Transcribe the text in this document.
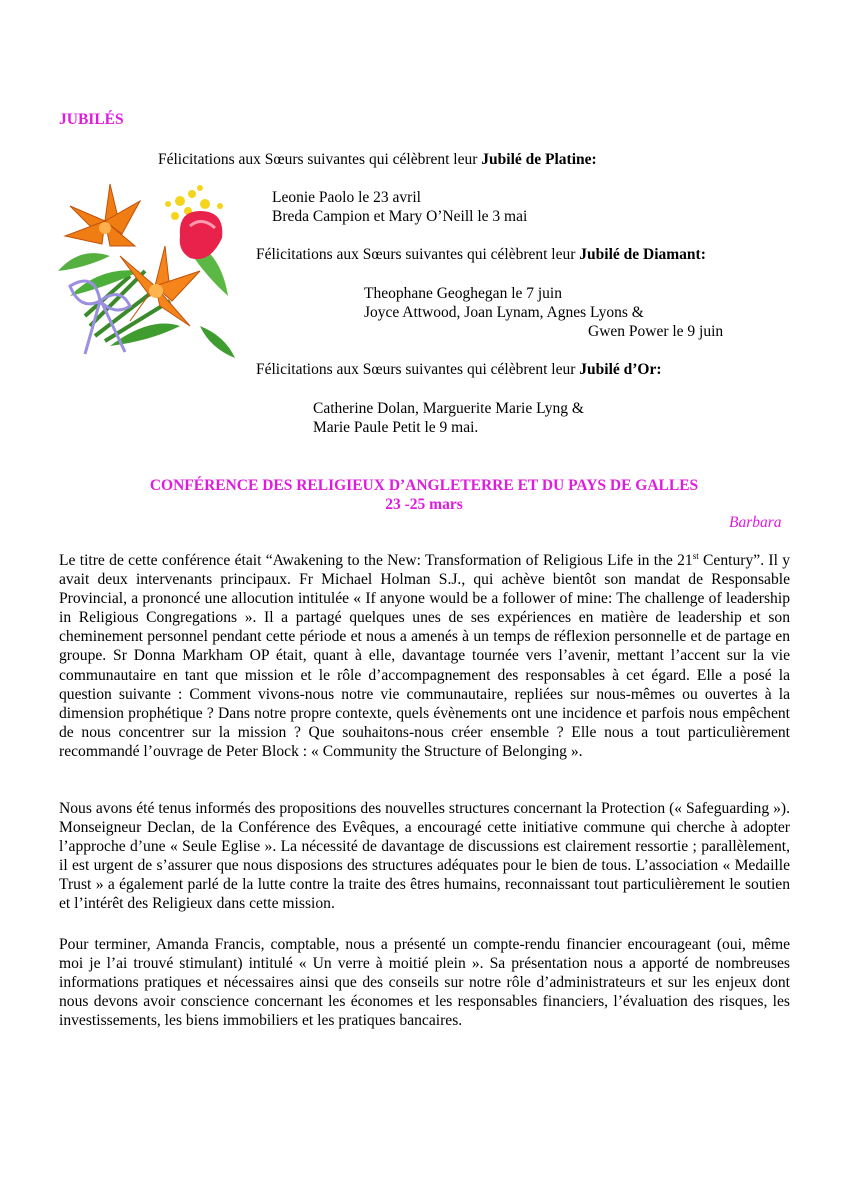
JUBILÉS
Félicitations aux Sœurs suivantes qui célèbrent leur Jubilé de Platine:
Leonie Paolo le 23 avril
Breda Campion et Mary O’Neill le 3 mai
Félicitations aux Sœurs suivantes qui célèbrent leur Jubilé de Diamant:
Theophane Geoghegan le 7 juin
Joyce Attwood, Joan Lynam, Agnes Lyons &
Gwen Power le 9 juin
Félicitations aux Sœurs suivantes qui célèbrent leur Jubilé d’Or:
Catherine Dolan, Marguerite Marie Lyng &
Marie Paule Petit le 9 mai.
CONFÉRENCE DES RELIGIEUX D’ANGLETERRE ET DU PAYS DE GALLES
23 -25 mars
Barbara

Le titre de cette conférence était “Awakening to the New: Transformation of Religious Life in the 21st Century”. Il y avait deux intervenants principaux. Fr Michael Holman S.J., qui achève bientôt son mandat de Responsable Provincial, a prononcé une allocution intitulée « If anyone would be a follower of mine: The challenge of leadership in Religious Congregations ». Il a partagé quelques unes de ses expériences en matière de leadership et son cheminement personnel pendant cette période et nous a amenés à un temps de réflexion personnelle et de partage en groupe. Sr Donna Markham OP était, quant à elle, davantage tournée vers l’avenir, mettant l’accent sur la vie communautaire en tant que mission et le rôle d’accompagnement des responsables à cet égard. Elle a posé la question suivante : Comment vivons-nous notre vie communautaire, repliées sur nous-mêmes ou ouvertes à la dimension prophétique ? Dans notre propre contexte, quels évènements ont une incidence et parfois nous empêchent de nous concentrer sur la mission ? Que souhaitons-nous créer ensemble ? Elle nous a tout particulièrement recommandé l’ouvrage de Peter Block : « Community the Structure of Belonging ».

Nous avons été tenus informés des propositions des nouvelles structures concernant la Protection (« Safeguarding »). Monseigneur Declan, de la Conférence des Evêques, a encouragé cette initiative commune qui cherche à adopter l’approche d’une « Seule Eglise ». La nécessité de davantage de discussions est clairement ressortie ; parallèlement, il est urgent de s’assurer que nous disposions des structures adéquates pour le bien de tous. L’association « Medaille Trust » a également parlé de la lutte contre la traite des êtres humains, reconnaissant tout particulièrement le soutien et l’intérêt des Religieux dans cette mission.

Pour terminer, Amanda Francis, comptable, nous a présenté un compte-rendu financier encourageant (oui, même moi je l’ai trouvé stimulant) intitulé « Un verre à moitié plein ». Sa présentation nous a apporté de nombreuses informations pratiques et nécessaires ainsi que des conseils sur notre rôle d’administrateurs et sur les enjeux dont nous devons avoir conscience concernant les économes et les responsables financiers, l’évaluation des risques, les investissements, les biens immobiliers et les pratiques bancaires.
